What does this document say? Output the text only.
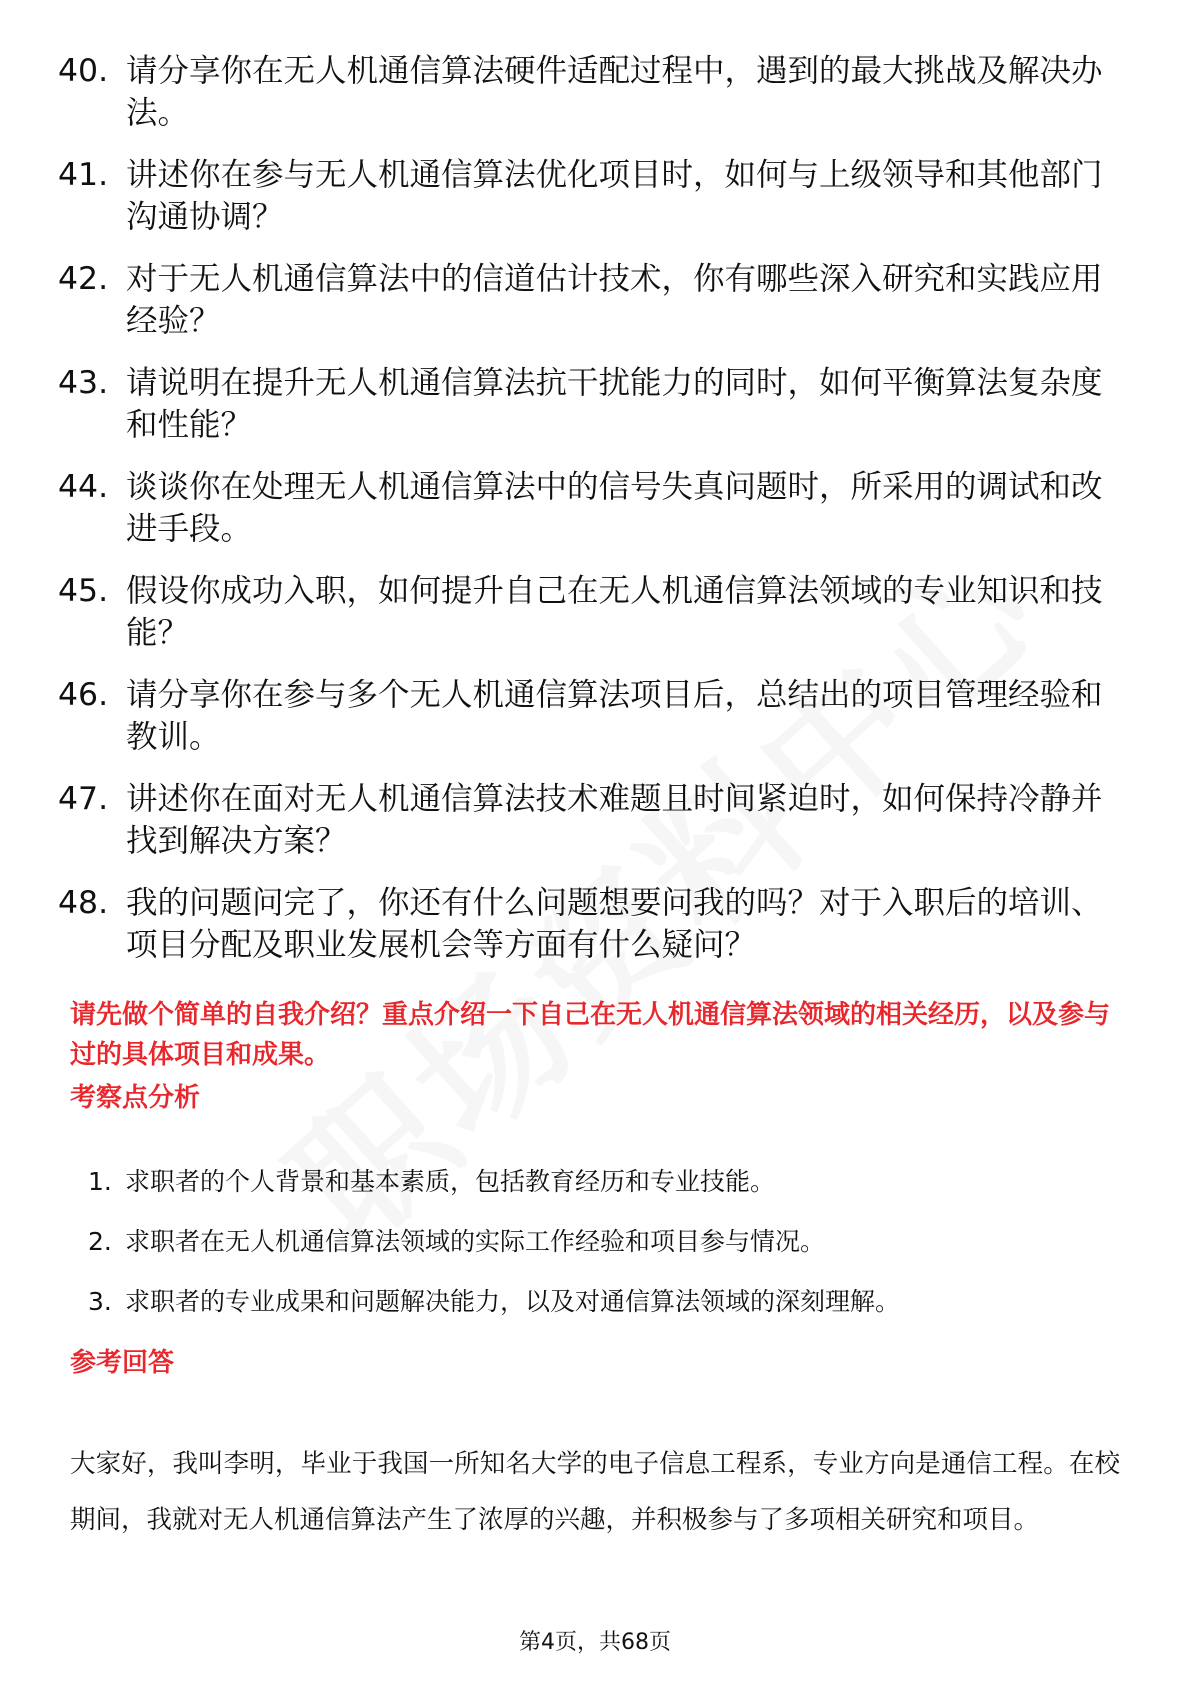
40. 请分享你在无人机通信算法硬件适配过程中，遇到的最大挑战及解决办法。
41. 讲述你在参与无人机通信算法优化项目时，如何与上级领导和其他部门沟通协调？
42. 对于无人机通信算法中的信道估计技术，你有哪些深入研究和实践应用经验？
43. 请说明在提升无人机通信算法抗干扰能力的同时，如何平衡算法复杂度和性能？
44. 谈谈你在处理无人机通信算法中的信号失真问题时，所采用的调试和改进手段。
45. 假设你成功入职，如何提升自己在无人机通信算法领域的专业知识和技能？
46. 请分享你在参与多个无人机通信算法项目后，总结出的项目管理经验和教训。
47. 讲述你在面对无人机通信算法技术难题且时间紧迫时，如何保持冷静并找到解决方案？
48. 我的问题问完了，你还有什么问题想要问我的吗？对于入职后的培训、项目分配及职业发展机会等方面有什么疑问？
请先做个简单的自我介绍？重点介绍一下自己在无人机通信算法领域的相关经历，以及参与过的具体项目和成果。
考察点分析
1. 求职者的个人背景和基本素质，包括教育经历和专业技能。
2. 求职者在无人机通信算法领域的实际工作经验和项目参与情况。
3. 求职者的专业成果和问题解决能力，以及对通信算法领域的深刻理解。
参考回答
大家好，我叫李明，毕业于我国一所知名大学的电子信息工程系，专业方向是通信工程。在校期间，我就对无人机通信算法产生了浓厚的兴趣，并积极参与了多项相关研究和项目。
第4页，共68页
